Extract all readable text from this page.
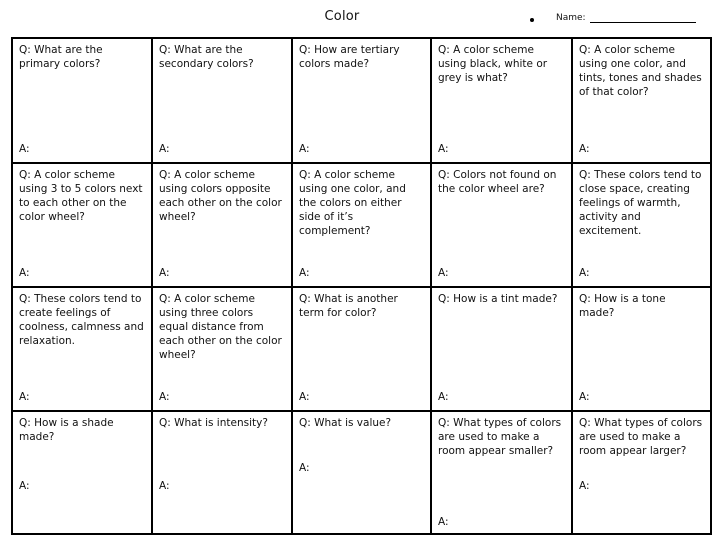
Color	Name:
Q: What are the primary colors?
A:	Q: What are the secondary colors?
A:	Q: How are tertiary colors made?
A:	Q: A color scheme using black, white or grey is what?
A:	Q: A color scheme using one color, and tints, tones and shades of that color?
A:

Q: A color scheme using 3 to 5 colors next to each other on the color wheel?
A:	Q: A color scheme using colors opposite each other on the color wheel?
A:	Q: A color scheme using one color, and the colors on either side of it’s complement?
A:	Q: Colors not found on the color wheel are?
A:	Q: These colors tend to close space, creating feelings of warmth, activity and excitement.
A:

Q: These colors tend to create feelings of coolness, calmness and relaxation.
A:	Q: A color scheme using three colors equal distance from each other on the color wheel?
A:	Q: What is another term for color?
A:	Q: How is a tint made?
A:	Q: How is a tone made?
A:

Q: How is a shade made?
A:	Q: What is intensity?
A:	Q: What is value?
A:	Q: What types of colors are used to make a room appear smaller?
A:	Q: What types of colors are used to make a room appear larger?
A:
